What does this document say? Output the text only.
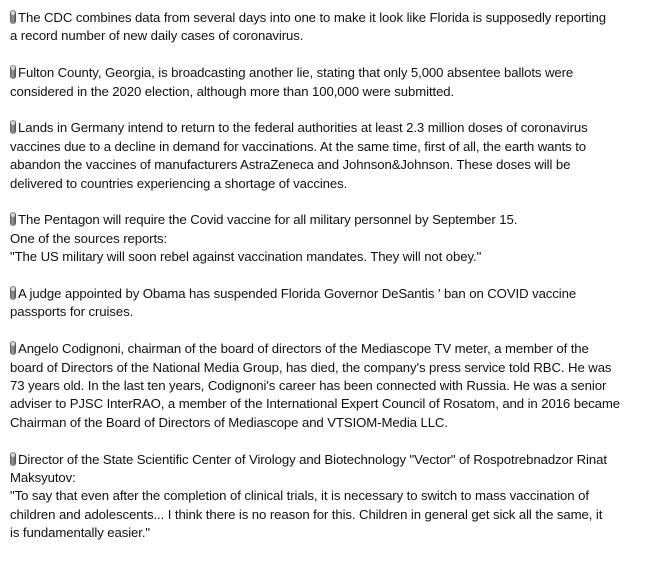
The CDC combines data from several days into one to make it look like Florida is supposedly reporting
a record number of new daily cases of coronavirus.
Fulton County, Georgia, is broadcasting another lie, stating that only 5,000 absentee ballots were
considered in the 2020 election, although more than 100,000 were submitted.
Lands in Germany intend to return to the federal authorities at least 2.3 million doses of coronavirus
vaccines due to a decline in demand for vaccinations. At the same time, first of all, the earth wants to
abandon the vaccines of manufacturers AstraZeneca and Johnson&Johnson. These doses will be
delivered to countries experiencing a shortage of vaccines.
The Pentagon will require the Covid vaccine for all military personnel by September 15.
One of the sources reports:
"The US military will soon rebel against vaccination mandates. They will not obey."
A judge appointed by Obama has suspended Florida Governor DeSantis ' ban on COVID vaccine
passports for cruises.
Angelo Codignoni, chairman of the board of directors of the Mediascope TV meter, a member of the
board of Directors of the National Media Group, has died, the company's press service told RBC. He was
73 years old. In the last ten years, Codignoni's career has been connected with Russia. He was a senior
adviser to PJSC InterRAO, a member of the International Expert Council of Rosatom, and in 2016 became
Chairman of the Board of Directors of Mediascope and VTSIOM-Media LLC.
Director of the State Scientific Center of Virology and Biotechnology "Vector" of Rospotrebnadzor Rinat
Maksyutov:
"To say that even after the completion of clinical trials, it is necessary to switch to mass vaccination of
children and adolescents... I think there is no reason for this. Children in general get sick all the same, it
is fundamentally easier."
